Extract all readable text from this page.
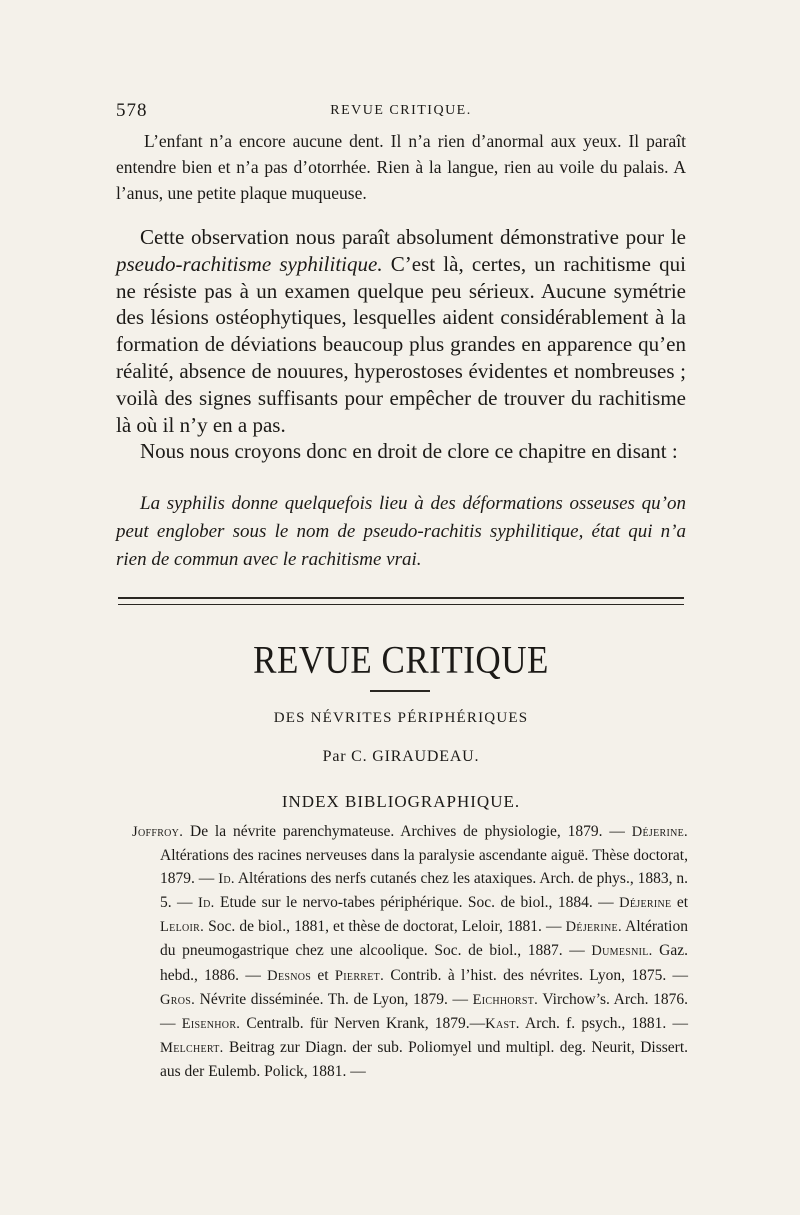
578	REVUE CRITIQUE.

L’enfant n’a encore aucune dent. Il n’a rien d’anormal aux yeux. Il paraît entendre bien et n’a pas d’otorrhée. Rien à la langue, rien au voile du palais. A l’anus, une petite plaque muqueuse.

Cette observation nous paraît absolument démonstrative pour le pseudo-rachitisme syphilitique. C’est là, certes, un rachitisme qui ne résiste pas à un examen quelque peu sérieux. Aucune symétrie des lésions ostéophytiques, lesquelles aident considérablement à la formation de déviations beaucoup plus grandes en apparence qu’en réalité, absence de nouures, hyperostoses évidentes et nombreuses ; voilà des signes suffisants pour empêcher de trouver du rachitisme là où il n’y en a pas.

Nous nous croyons donc en droit de clore ce chapitre en disant :

La syphilis donne quelquefois lieu à des déformations osseuses qu’on peut englober sous le nom de pseudo-rachitis syphilitique, état qui n’a rien de commun avec le rachitisme vrai.

REVUE CRITIQUE
DES NÉVRITES PÉRIPHÉRIQUES
Par C. GIRAUDEAU.
INDEX BIBLIOGRAPHIQUE.

Joffroy. De la névrite parenchymateuse. Archives de physiologie, 1879. — Déjerine. Altérations des racines nerveuses dans la paralysie ascendante aiguë. Thèse doctorat, 1879. — Id. Altérations des nerfs cutanés chez les ataxiques. Arch. de phys., 1883, n. 5. — Id. Etude sur le nervo-tabes périphérique. Soc. de biol., 1884. — Déjerine et Leloir. Soc. de biol., 1881, et thèse de doctorat, Leloir, 1881. — Déjerine. Altération du pneumogastrique chez une alcoolique. Soc. de biol., 1887. — Dumesnil. Gaz. hebd., 1886. — Desnos et Pierret. Contrib. à l’hist. des névrites. Lyon, 1875. — Gros. Névrite disséminée. Th. de Lyon, 1879. — Eichhorst. Virchow’s. Arch. 1876. — Eisenhor. Centralb. für Nerven Krank, 1879.—Kast. Arch. f. psych., 1881. — Melchert. Beitrag zur Diagn. der sub. Poliomyel und multipl. deg. Neurit, Dissert. aus der Eulemb. Polick, 1881. —
